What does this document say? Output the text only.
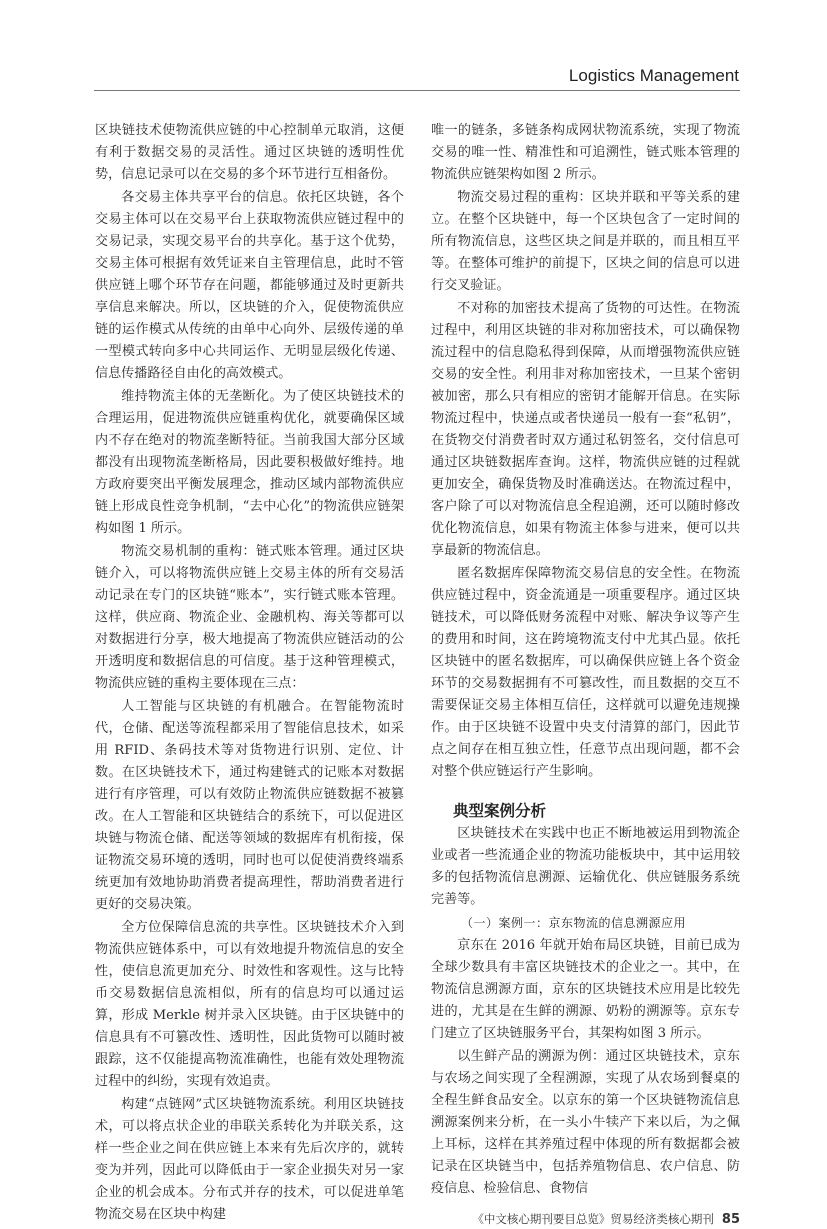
Logistics Management

区块链技术使物流供应链的中心控制单元取消，这便有利于数据交易的灵活性。通过区块链的透明性优势，信息记录可以在交易的多个环节进行互相备份。

各交易主体共享平台的信息。依托区块链，各个交易主体可以在交易平台上获取物流供应链过程中的交易记录，实现交易平台的共享化。基于这个优势，交易主体可根据有效凭证来自主管理信息，此时不管供应链上哪个环节存在问题，都能够通过及时更新共享信息来解决。所以，区块链的介入，促使物流供应链的运作模式从传统的由单中心向外、层级传递的单一型模式转向多中心共同运作、无明显层级化传递、信息传播路径自由化的高效模式。

维持物流主体的无垄断化。为了使区块链技术的合理运用，促进物流供应链重构优化，就要确保区域内不存在绝对的物流垄断特征。当前我国大部分区域都没有出现物流垄断格局，因此要积极做好维持。地方政府要突出平衡发展理念，推动区域内部物流供应链上形成良性竞争机制，“去中心化”的物流供应链架构如图 1 所示。

物流交易机制的重构：链式账本管理。通过区块链介入，可以将物流供应链上交易主体的所有交易活动记录在专门的区块链“账本”，实行链式账本管理。这样，供应商、物流企业、金融机构、海关等都可以对数据进行分享，极大地提高了物流供应链活动的公开透明度和数据信息的可信度。基于这种管理模式，物流供应链的重构主要体现在三点：

人工智能与区块链的有机融合。在智能物流时代，仓储、配送等流程都采用了智能信息技术，如采用 RFID、条码技术等对货物进行识别、定位、计数。在区块链技术下，通过构建链式的记账本对数据进行有序管理，可以有效防止物流供应链数据不被篡改。在人工智能和区块链结合的系统下，可以促进区块链与物流仓储、配送等领域的数据库有机衔接，保证物流交易环境的透明，同时也可以促使消费终端系统更加有效地协助消费者提高理性，帮助消费者进行更好的交易决策。

全方位保障信息流的共享性。区块链技术介入到物流供应链体系中，可以有效地提升物流信息的安全性，使信息流更加充分、时效性和客观性。这与比特币交易数据信息流相似，所有的信息均可以通过运算，形成 Merkle 树并录入区块链。由于区块链中的信息具有不可篡改性、透明性，因此货物可以随时被跟踪，这不仅能提高物流准确性，也能有效处理物流过程中的纠纷，实现有效追责。

构建“点链网”式区块链物流系统。利用区块链技术，可以将点状企业的串联关系转化为并联关系，这样一些企业之间在供应链上本来有先后次序的，就转变为并列，因此可以降低由于一家企业损失对另一家企业的机会成本。分布式并存的技术，可以促进单笔物流交易在区块中构建

唯一的链条，多链条构成网状物流系统，实现了物流交易的唯一性、精准性和可追溯性，链式账本管理的物流供应链架构如图 2 所示。

物流交易过程的重构：区块并联和平等关系的建立。在整个区块链中，每一个区块包含了一定时间的所有物流信息，这些区块之间是并联的，而且相互平等。在整体可维护的前提下，区块之间的信息可以进行交叉验证。

不对称的加密技术提高了货物的可达性。在物流过程中，利用区块链的非对称加密技术，可以确保物流过程中的信息隐私得到保障，从而增强物流供应链交易的安全性。利用非对称加密技术，一旦某个密钥被加密，那么只有相应的密钥才能解开信息。在实际物流过程中，快递点或者快递员一般有一套“私钥”，在货物交付消费者时双方通过私钥签名，交付信息可通过区块链数据库查询。这样，物流供应链的过程就更加安全，确保货物及时准确送达。在物流过程中，客户除了可以对物流信息全程追溯，还可以随时修改优化物流信息，如果有物流主体参与进来，便可以共享最新的物流信息。

匿名数据库保障物流交易信息的安全性。在物流供应链过程中，资金流通是一项重要程序。通过区块链技术，可以降低财务流程中对账、解决争议等产生的费用和时间，这在跨境物流支付中尤其凸显。依托区块链中的匿名数据库，可以确保供应链上各个资金环节的交易数据拥有不可篡改性，而且数据的交互不需要保证交易主体相互信任，这样就可以避免违规操作。由于区块链不设置中央支付清算的部门，因此节点之间存在相互独立性，任意节点出现问题，都不会对整个供应链运行产生影响。

典型案例分析

区块链技术在实践中也正不断地被运用到物流企业或者一些流通企业的物流功能板块中，其中运用较多的包括物流信息溯源、运输优化、供应链服务系统完善等。

（一）案例一：京东物流的信息溯源应用

京东在 2016 年就开始布局区块链，目前已成为全球少数具有丰富区块链技术的企业之一。其中，在物流信息溯源方面，京东的区块链技术应用是比较先进的，尤其是在生鲜的溯源、奶粉的溯源等。京东专门建立了区块链服务平台，其架构如图 3 所示。

以生鲜产品的溯源为例：通过区块链技术，京东与农场之间实现了全程溯源，实现了从农场到餐桌的全程生鲜食品安全。以京东的第一个区块链物流信息溯源案例来分析，在一头小牛犊产下来以后，为之佩上耳标，这样在其养殖过程中体现的所有数据都会被记录在区块链当中，包括养殖物信息、农户信息、防疫信息、检验信息、食物信

《中文核心期刊要目总览》贸易经济类核心期刊 85
